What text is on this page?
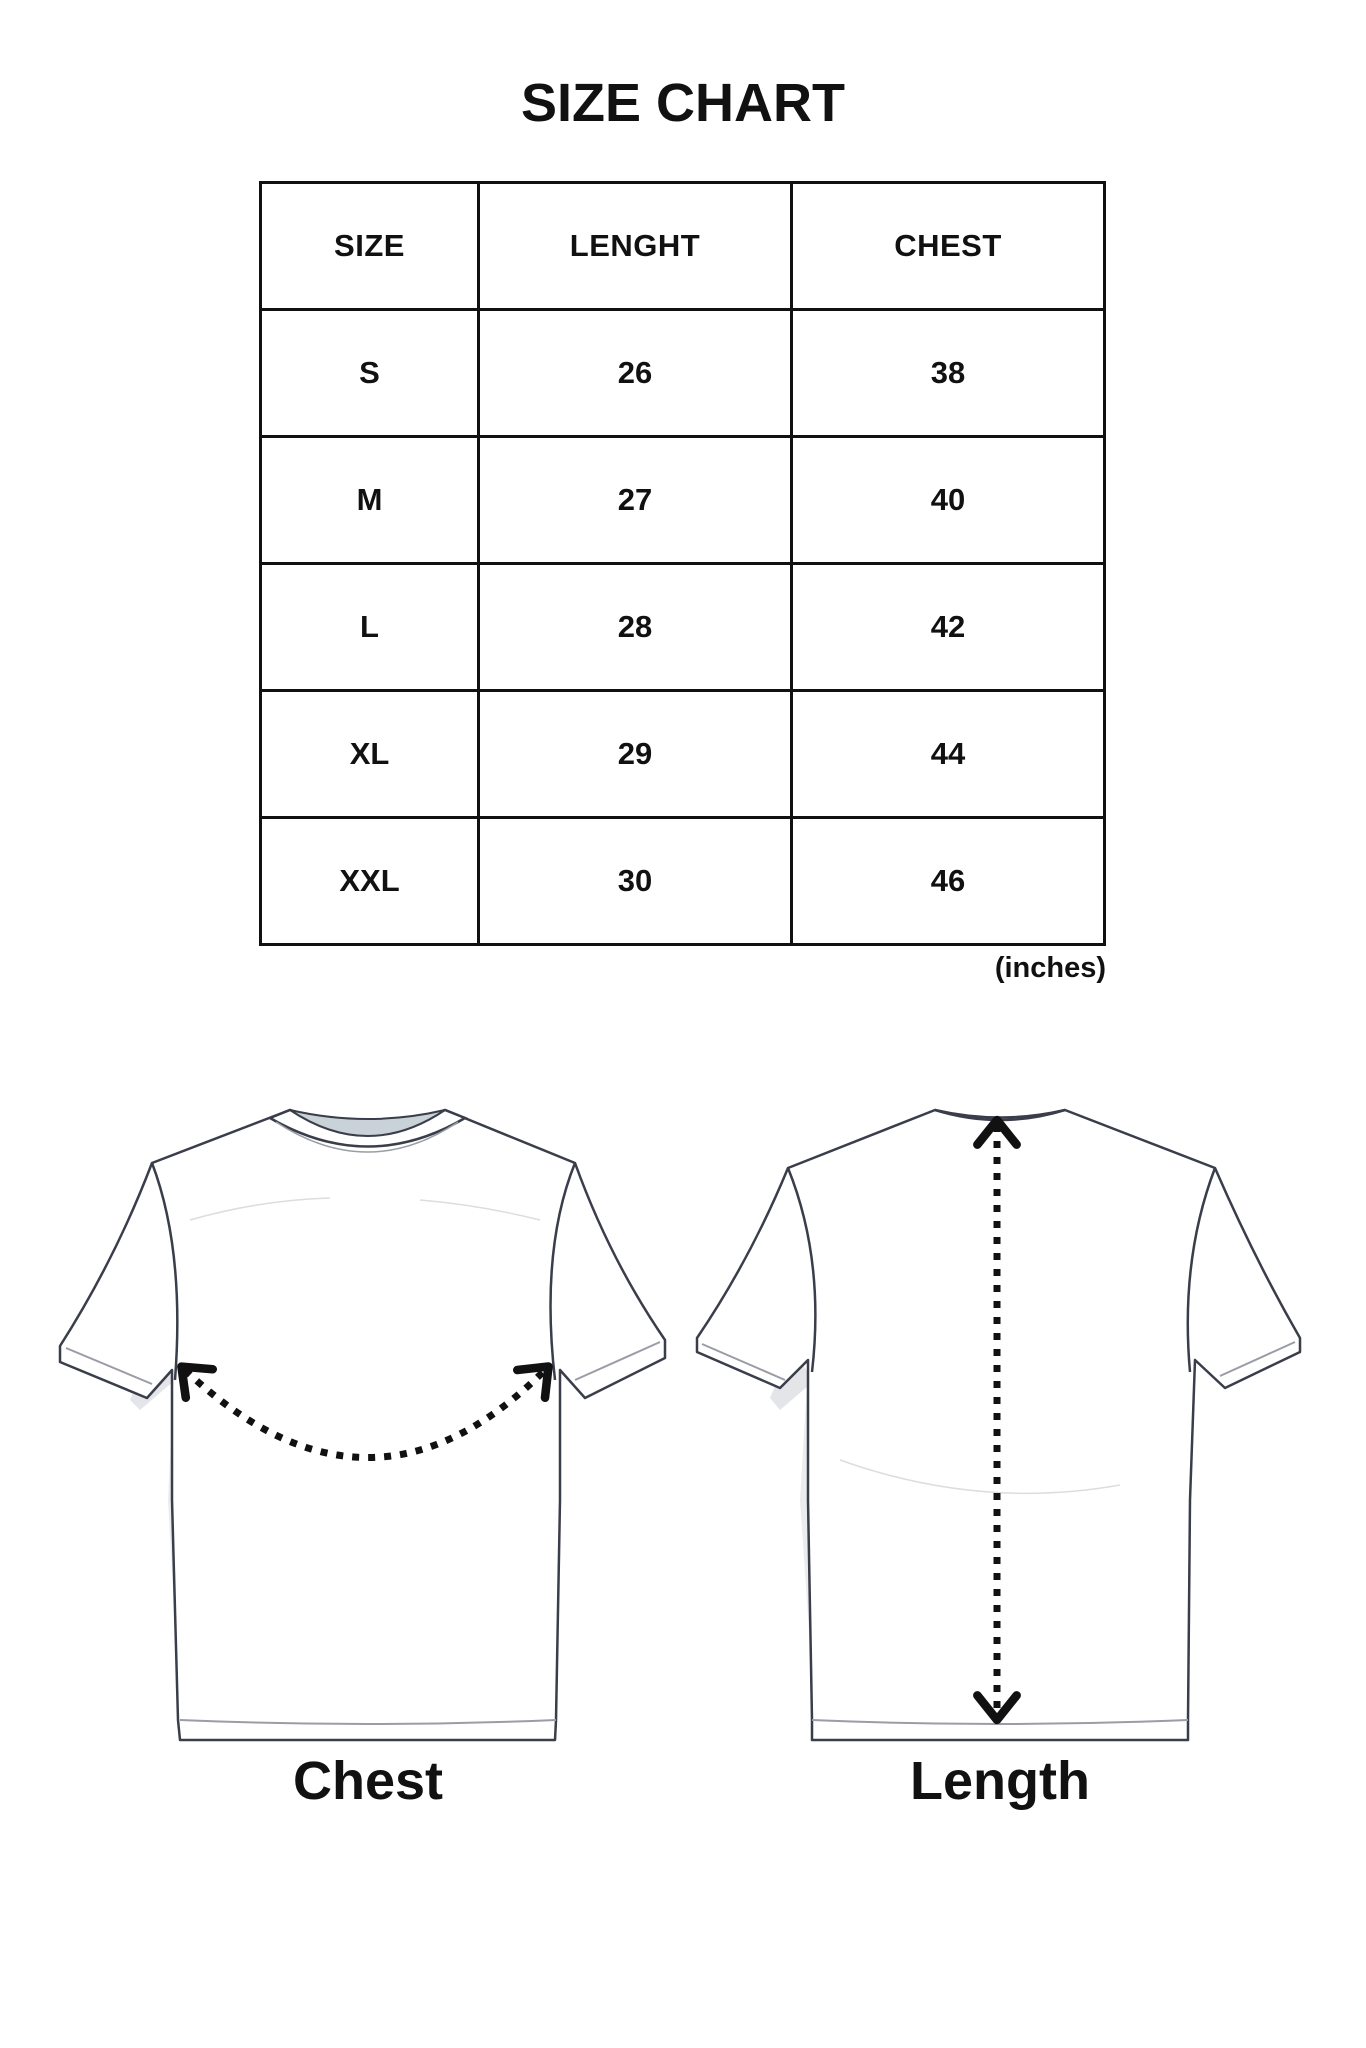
SIZE CHART
SIZE	LENGHT	CHEST
S	26	38
M	27	40
L	28	42
XL	29	44
XXL	30	46
(inches)
Chest	Length
